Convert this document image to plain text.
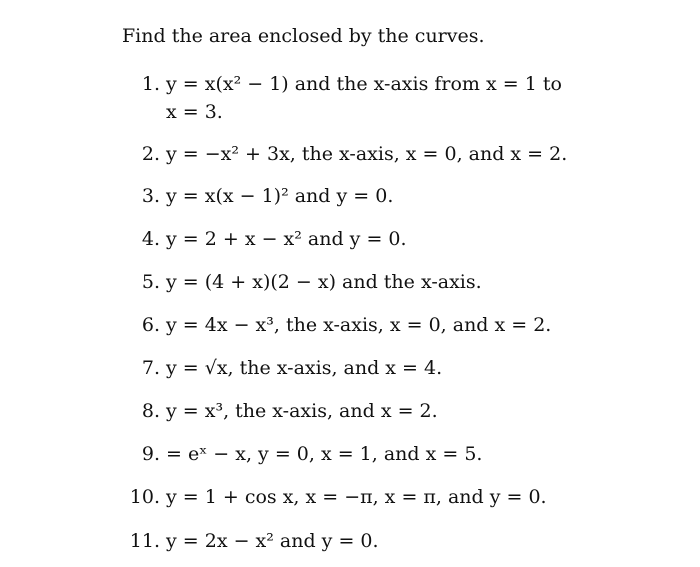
Find the area enclosed by the curves.
1. y = x(x² − 1) and the x-axis from x = 1 to
x = 3.
2. y = −x² + 3x, the x-axis, x = 0, and x = 2.
3. y = x(x − 1)² and y = 0.
4. y = 2 + x − x² and y = 0.
5. y = (4 + x)(2 − x) and the x-axis.
6. y = 4x − x³, the x-axis, x = 0, and x = 2.
7. y = √x, the x-axis, and x = 4.
8. y = x³, the x-axis, and x = 2.
9. = eˣ − x, y = 0, x = 1, and x = 5.
10. y = 1 + cos x, x = −π, x = π, and y = 0.
11. y = 2x − x² and y = 0.
